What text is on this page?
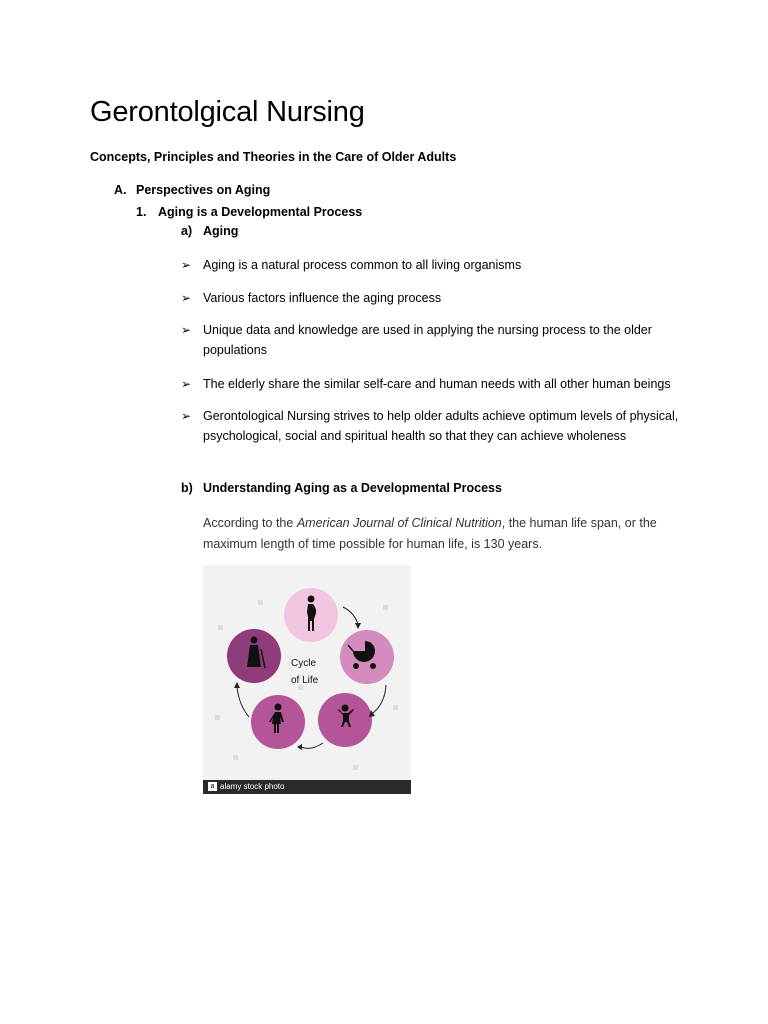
Gerontolgical Nursing
Concepts, Principles and Theories in the Care of Older Adults
A. Perspectives on Aging
1. Aging is a Developmental Process
a) Aging
➢ Aging is a natural process common to all living organisms
➢ Various factors influence the aging process
➢ Unique data and knowledge are used in applying the nursing process to the older populations
➢ The elderly share the similar self-care and human needs with all other human beings
➢ Gerontological Nursing strives to help older adults achieve optimum levels of physical, psychological, social and spiritual health so that they can achieve wholeness
b) Understanding Aging as a Developmental Process
According to the American Journal of Clinical Nutrition, the human life span, or the maximum length of time possible for human life, is 130 years.
Cycle
of Life
a alamy stock photo
